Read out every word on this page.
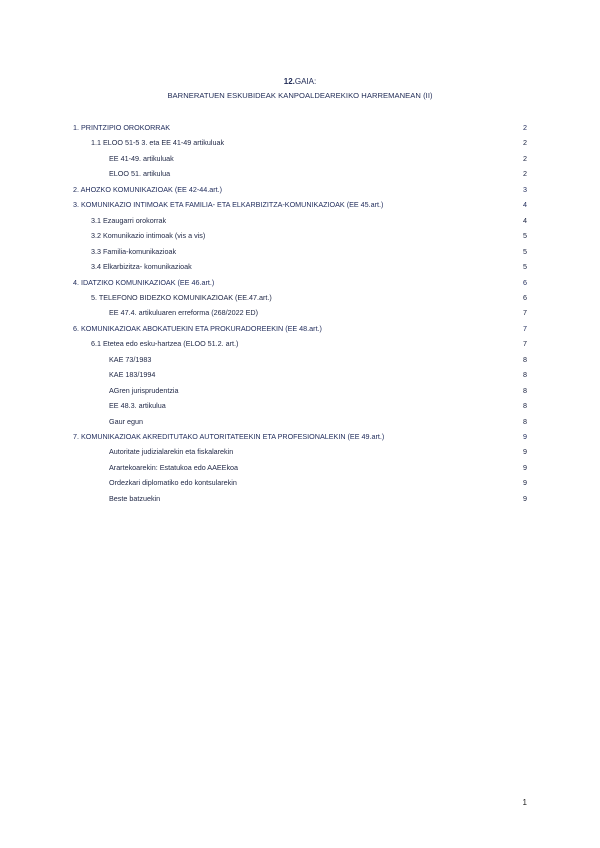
12.GAIA:
BARNERATUEN ESKUBIDEAK KANPOALDEAREKIKO HARREMANEAN (II)
1. PRINTZIPIO OROKORRAK	2
1.1 ELOO 51-5 3. eta EE 41-49 artikuluak	2
EE 41-49. artikuluak	2
ELOO 51. artikulua	2
2. AHOZKO KOMUNIKAZIOAK (EE 42-44.art.)	3
3. KOMUNIKAZIO INTIMOAK ETA FAMILIA- ETA ELKARBIZITZA-KOMUNIKAZIOAK (EE 45.art.)	4
3.1 Ezaugarri orokorrak	4
3.2 Komunikazio intimoak (vis a vis)	5
3.3 Familia-komunikazioak	5
3.4 Elkarbizitza- komunikazioak	5
4. IDATZIKO KOMUNIKAZIOAK (EE 46.art.)	6
5. TELEFONO BIDEZKO KOMUNIKAZIOAK (EE.47.art.)	6
EE 47.4. artikuluaren erreforma (268/2022 ED)	7
6. KOMUNIKAZIOAK ABOKATUEKIN ETA PROKURADOREEKIN (EE 48.art.)	7
6.1 Etetea edo esku-hartzea (ELOO 51.2. art.)	7
KAE 73/1983	8
KAE 183/1994	8
AGren jurisprudentzia	8
EE 48.3. artikulua	8
Gaur egun	8
7. KOMUNIKAZIOAK AKREDITUTAKO AUTORITATEEKIN ETA PROFESIONALEKIN (EE 49.art.)	9
Autoritate judizialarekin eta fiskalarekin	9
Arartekoarekin: Estatukoa edo AAEEkoa	9
Ordezkari diplomatiko edo kontsularekin	9
Beste batzuekin	9
1
